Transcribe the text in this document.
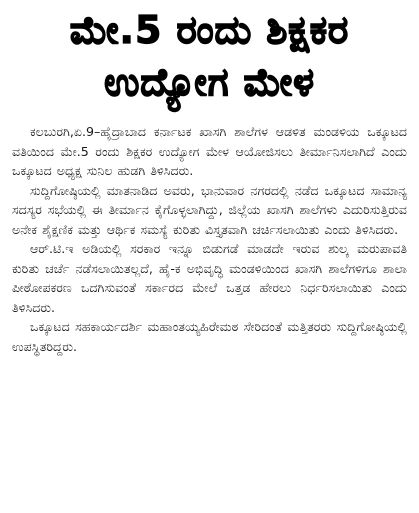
ಮೇ.5 ರಂದು ಶಿಕ್ಷಕರ
ಉದ್ಯೋಗ ಮೇಳ

ಕಲಬುರಗಿ,ಏ.9–ಹೈದ್ರಾಬಾದ ಕರ್ನಾಟಕ ಖಾಸಗಿ ಶಾಲೆಗಳ ಆಡಳಿತ ಮಂಡಳಿಯ ಒಕ್ಕೂಟದ ವತಿಯಿಂದ ಮೇ.5 ರಂದು ಶಿಕ್ಷಕರ ಉದ್ಯೋಗ ಮೇಳ ಆಯೋಜಿಸಲು ತೀರ್ಮಾನಿಸಲಾಗಿದೆ ಎಂದು ಒಕ್ಕೂಟದ ಅಧ್ಯಕ್ಷ ಸುನಿಲ ಹುಡಗಿ ತಿಳಿಸಿದರು.

ಸುದ್ದಿಗೋಷ್ಠಿಯಲ್ಲಿ ಮಾತನಾಡಿದ ಅವರು, ಭಾನುವಾರ ನಗರದಲ್ಲಿ ನಡೆದ ಒಕ್ಕೂಟದ ಸಾಮಾನ್ಯ ಸದಸ್ಯರ ಸಭೆಯಲ್ಲಿ ಈ ತೀರ್ಮಾನ ಕೈಗೊಳ್ಳಲಾಗಿದ್ದು, ಜಿಲ್ಲೆಯ ಖಾಸಗಿ ಶಾಲೆಗಳು ಎದುರಿಸುತ್ತಿರುವ ಅನೇಕ ಶೈಕ್ಷಣಿಕ ಮತ್ತು ಆರ್ಥಿಕ ಸಮಸ್ಯೆ ಕುರಿತು ವಿಸ್ತೃತವಾಗಿ ಚರ್ಚಿಸಲಾಯಿತು ಎಂದು ತಿಳಿಸಿದರು.

ಆರ್.ಟಿ.ಇ ಅಡಿಯಲ್ಲಿ ಸರಕಾರ ಇನ್ನೂ ಬಿಡುಗಡೆ ಮಾಡದೇ ಇರುವ ಶುಲ್ಕ ಮರುಪಾವತಿ ಕುರಿತು ಚರ್ಚೆ ನಡೆಸಲಾಯಿತಲ್ಲದೆ, ಹೈ-ಕ ಅಭಿವೃದ್ಧಿ ಮಂಡಳಿಯಿಂದ ಖಾಸಗಿ ಶಾಲೆಗಳಿಗೂ ಶಾಲಾ ಪೀಠೋಪಕರಣ ಒದಗಿಸುವಂತೆ ಸರ್ಕಾರದ ಮೇಲೆ ಒತ್ತಡ ಹೇರಲು ನಿರ್ಧರಿಸಲಾಯಿತು ಎಂದು ತಿಳಿಸಿದರು.

ಒಕ್ಕೂಟದ ಸಹಕಾರ್ಯದರ್ಶಿ ಮಹಾಂತಯ್ಯಹಿರೇಮಠ ಸೇರಿದಂತೆ ಮತ್ತಿತರರು ಸುದ್ದಿಗೋಷ್ಠಿಯಲ್ಲಿ ಉಪಸ್ಥಿತರಿದ್ದರು.
